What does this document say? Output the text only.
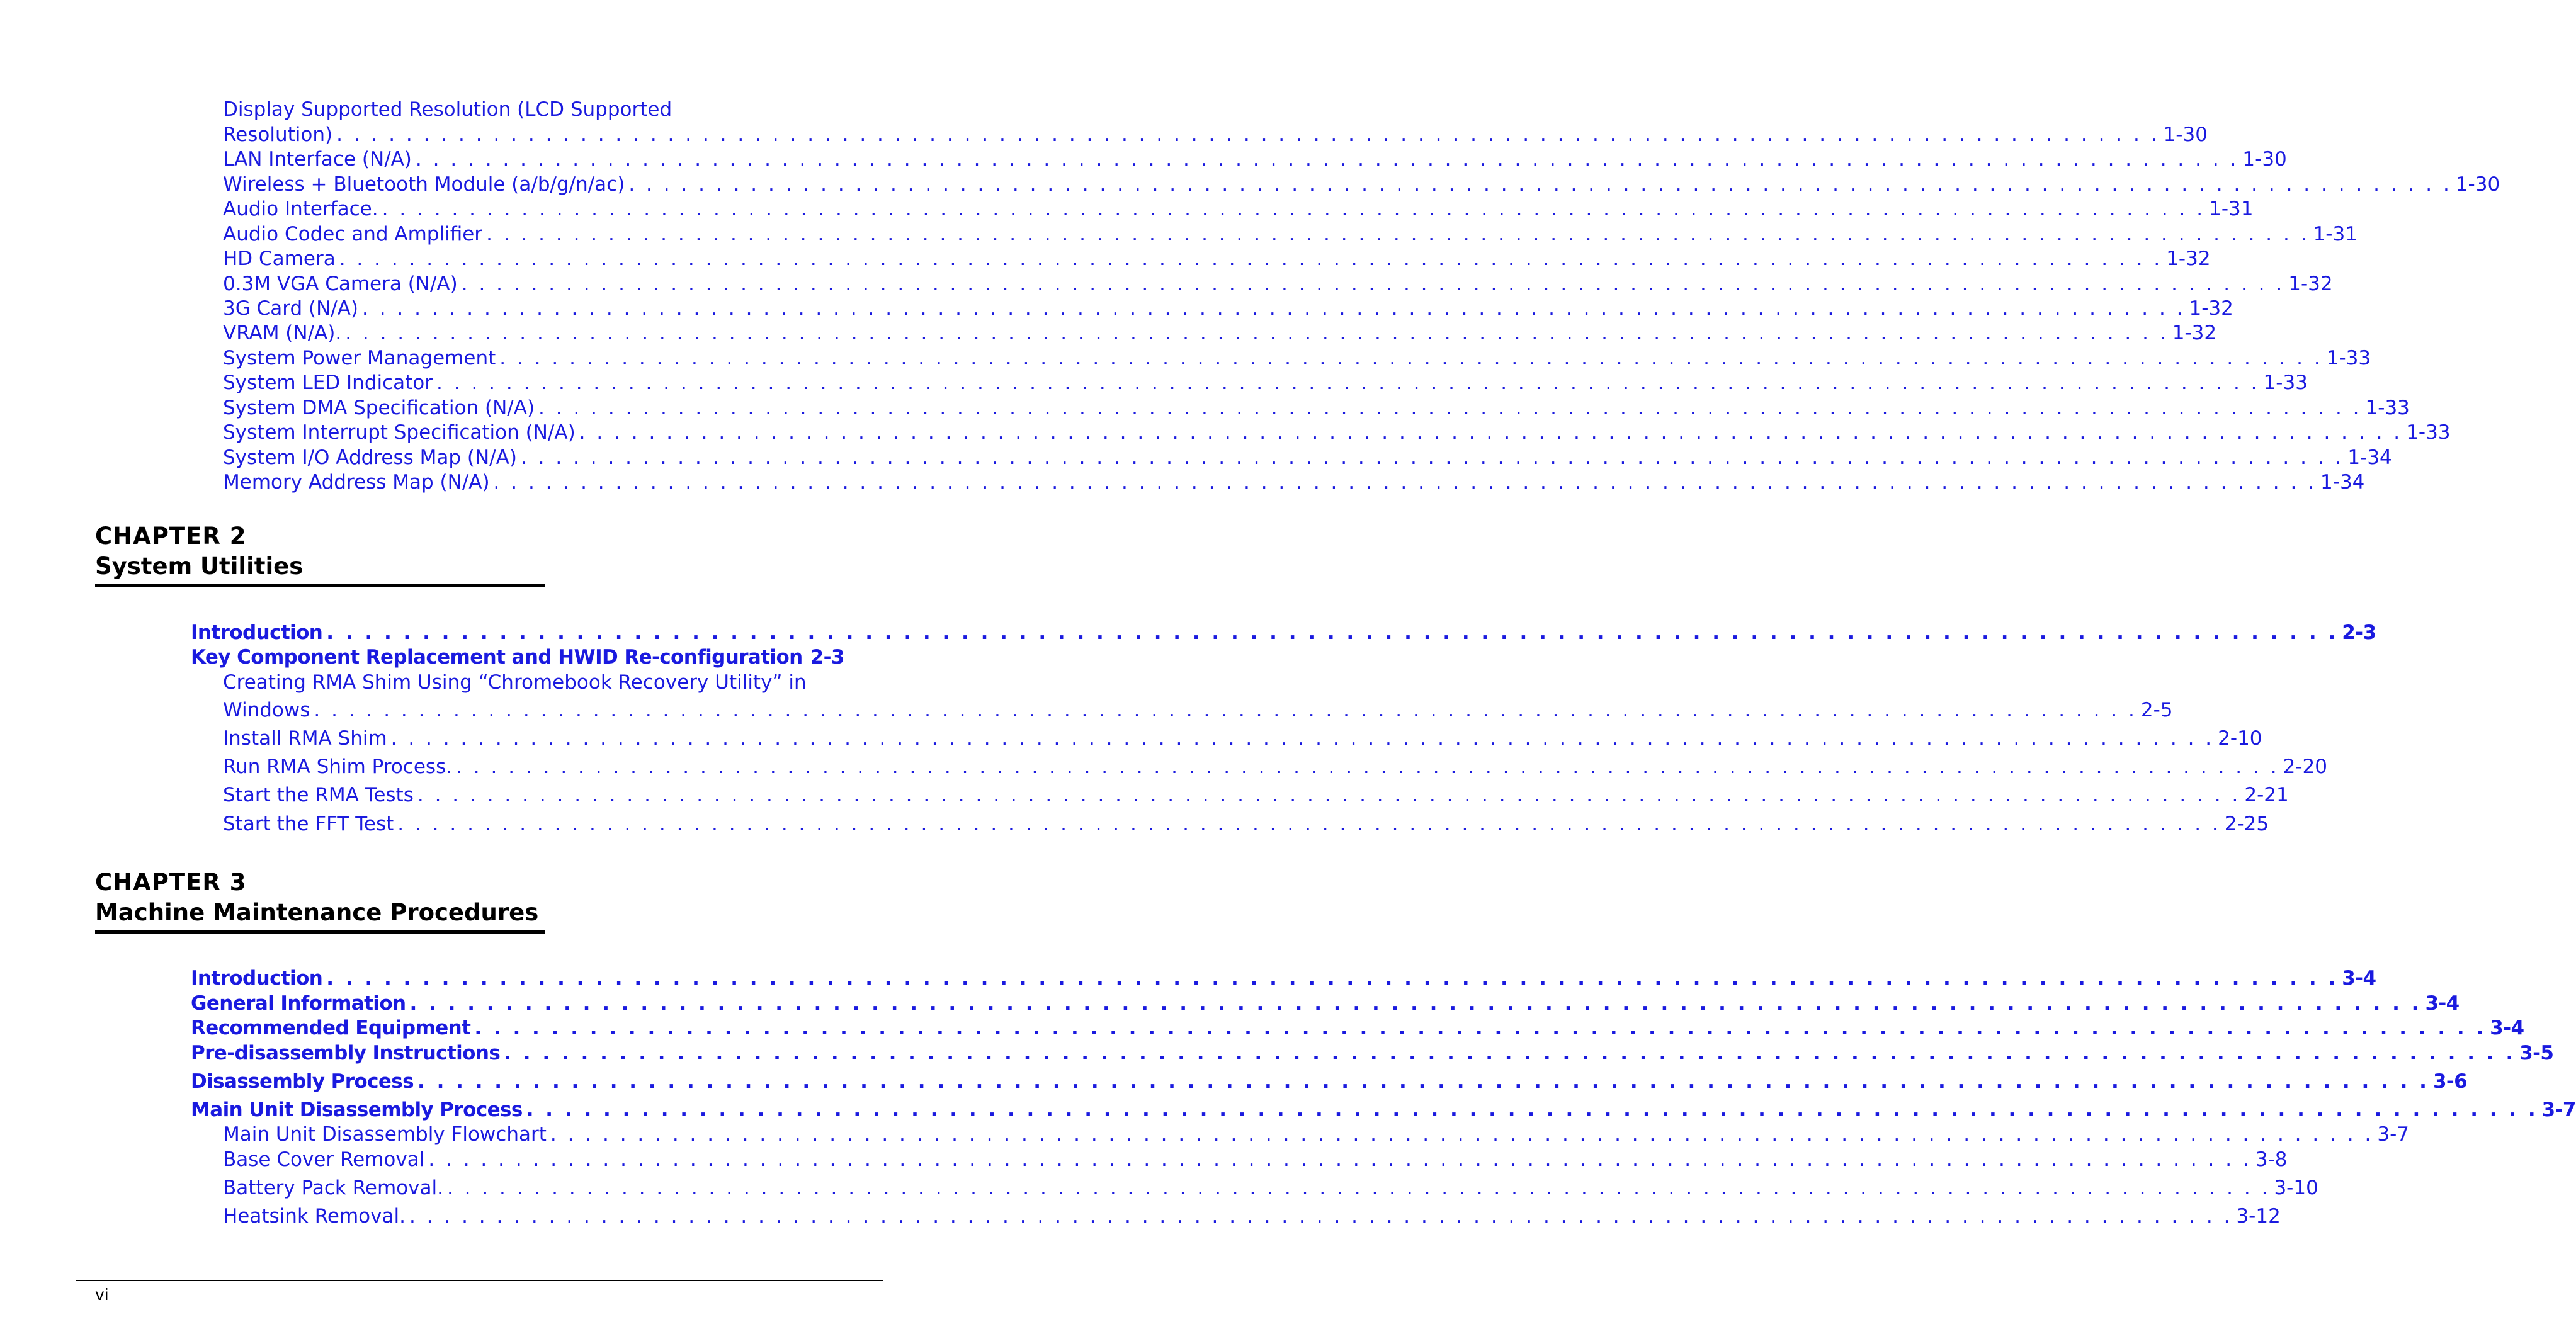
Display Supported Resolution (LCD Supported
Resolution) . . .	1-30
LAN Interface (N/A) . . .	1-30
Wireless + Bluetooth Module (a/b/g/n/ac) . . .	1-30
Audio Interface. . . .	1-31
Audio Codec and Amplifier . . .	1-31
HD Camera . . .	1-32
0.3M VGA Camera (N/A) . . .	1-32
3G Card (N/A) . . .	1-32
VRAM (N/A). . . .	1-32
System Power Management . . .	1-33
System LED Indicator . . .	1-33
System DMA Specification (N/A) . . .	1-33
System Interrupt Specification (N/A) . . .	1-33
System I/O Address Map (N/A) . . .	1-34
Memory Address Map (N/A) . . .	1-34
CHAPTER 2
System Utilities
Introduction . . .	2-3
Key Component Replacement and HWID Re-configuration 2-3
Creating RMA Shim Using “Chromebook Recovery Utility” in
Windows . . .	2-5
Install RMA Shim . . .	2-10
Run RMA Shim Process. . . .	2-20
Start the RMA Tests . . .	2-21
Start the FFT Test . . .	2-25
CHAPTER 3
Machine Maintenance Procedures
Introduction . . .	3-4
General Information . . .	3-4
Recommended Equipment . . .	3-4
Pre-disassembly Instructions . . .	3-5
Disassembly Process . . .	3-6
Main Unit Disassembly Process . . .	3-7
Main Unit Disassembly Flowchart . . .	3-7
Base Cover Removal . . .	3-8
Battery Pack Removal. . . .	3-10
Heatsink Removal. . . .	3-12
vi
